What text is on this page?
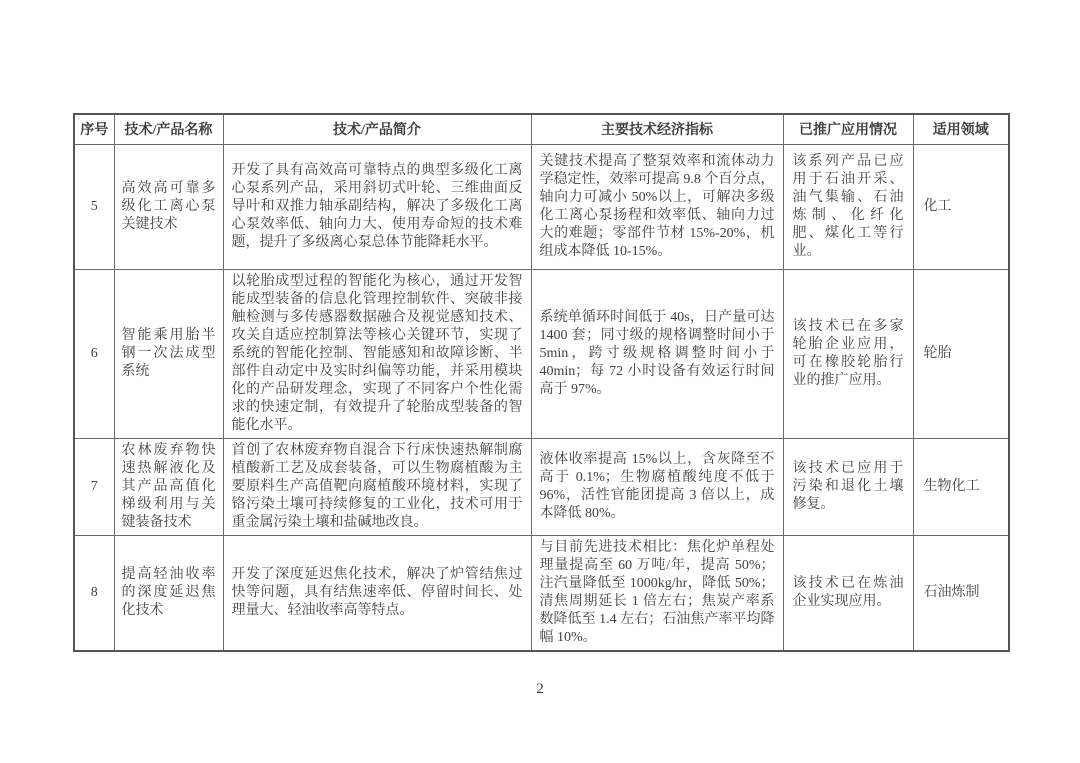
序号	技术/产品名称	技术/产品简介	主要技术经济指标	已推广应用情况	适用领域
5	高效高可靠多级化工离心泵关键技术	开发了具有高效高可靠特点的典型多级化工离心泵系列产品，采用斜切式叶轮、三维曲面反导叶和双推力轴承副结构，解决了多级化工离心泵效率低、轴向力大、使用寿命短的技术难题，提升了多级离心泵总体节能降耗水平。	关键技术提高了整泵效率和流体动力学稳定性，效率可提高 9.8 个百分点，轴向力可减小 50%以上，可解决多级化工离心泵扬程和效率低、轴向力过大的难题；零部件节材 15%-20%，机组成本降低 10-15%。	该系列产品已应用于石油开采、油气集输、石油炼制、化纤化肥、煤化工等行业。	化工
6	智能乘用胎半钢一次法成型系统	以轮胎成型过程的智能化为核心，通过开发智能成型装备的信息化管理控制软件、突破非接触检测与多传感器数据融合及视觉感知技术、攻关自适应控制算法等核心关键环节，实现了系统的智能化控制、智能感知和故障诊断、半部件自动定中及实时纠偏等功能，并采用模块化的产品研发理念，实现了不同客户个性化需求的快速定制，有效提升了轮胎成型装备的智能化水平。	系统单循环时间低于 40s，日产量可达 1400 套；同寸级的规格调整时间小于 5min，跨寸级规格调整时间小于 40min；每 72 小时设备有效运行时间高于 97%。	该技术已在多家轮胎企业应用，可在橡胶轮胎行业的推广应用。	轮胎
7	农林废弃物快速热解液化及其产品高值化梯级利用与关键装备技术	首创了农林废弃物自混合下行床快速热解制腐植酸新工艺及成套装备，可以生物腐植酸为主要原料生产高值靶向腐植酸环境材料，实现了铬污染土壤可持续修复的工业化，技术可用于重金属污染土壤和盐碱地改良。	液体收率提高 15%以上，含灰降至不高于 0.1%；生物腐植酸纯度不低于 96%，活性官能团提高 3 倍以上，成本降低 80%。	该技术已应用于污染和退化土壤修复。	生物化工
8	提高轻油收率的深度延迟焦化技术	开发了深度延迟焦化技术，解决了炉管结焦过快等问题，具有结焦速率低、停留时间长、处理量大、轻油收率高等特点。	与目前先进技术相比：焦化炉单程处理量提高至 60 万吨/年，提高 50%；注汽量降低至 1000kg/hr，降低 50%；清焦周期延长 1 倍左右；焦炭产率系数降低至 1.4 左右；石油焦产率平均降幅 10%。	该技术已在炼油企业实现应用。	石油炼制
2
